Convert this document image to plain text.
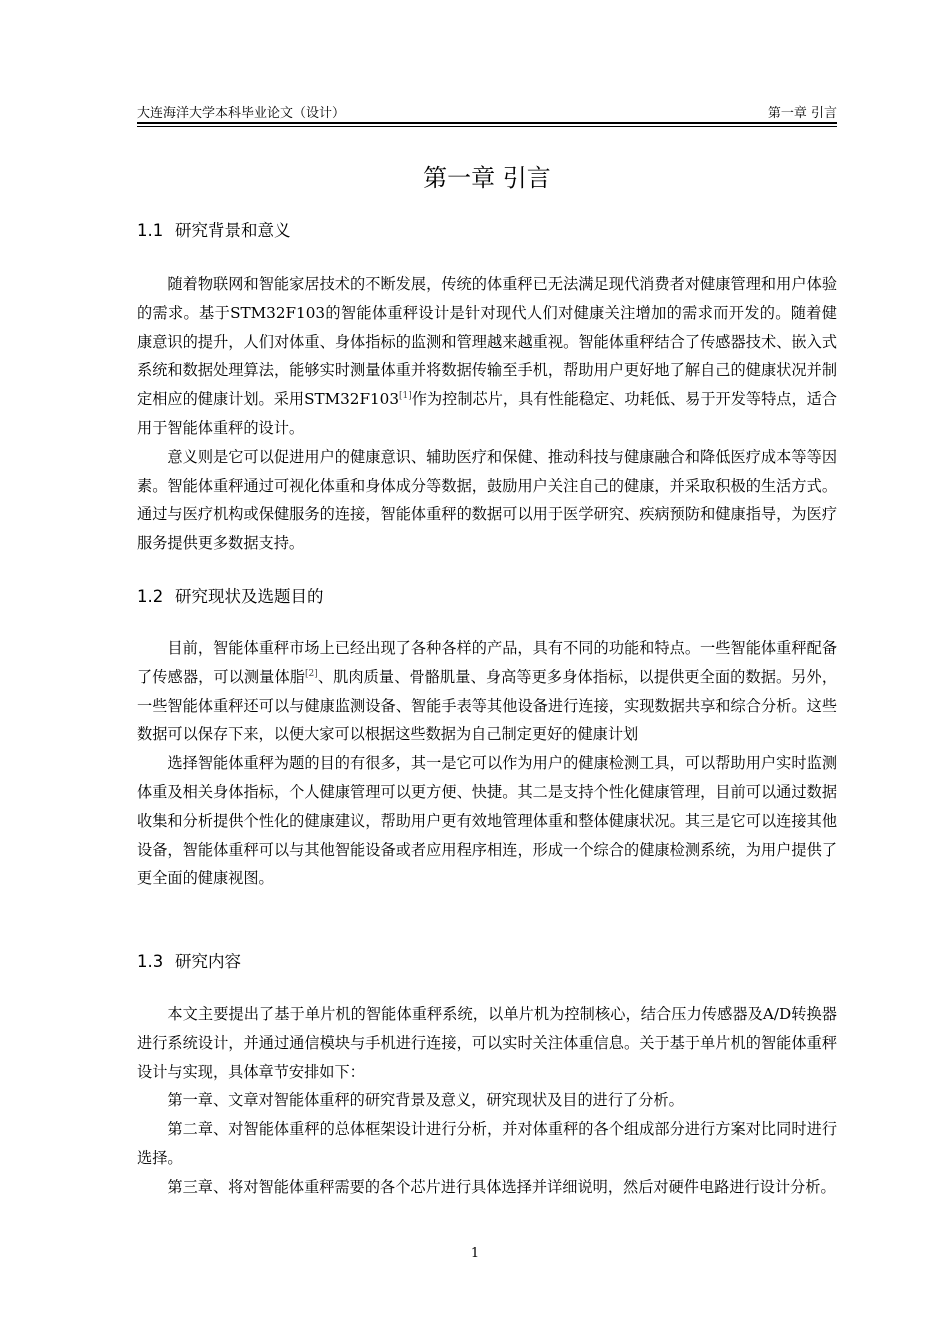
大连海洋大学本科毕业论文（设计）	第一章 引言
第一章 引言
1.1 研究背景和意义

随着物联网和智能家居技术的不断发展，传统的体重秤已无法满足现代消费者对健康管理和用户体验的需求。基于STM32F103的智能体重秤设计是针对现代人们对健康关注增加的需求而开发的。随着健康意识的提升，人们对体重、身体指标的监测和管理越来越重视。智能体重秤结合了传感器技术、嵌入式系统和数据处理算法，能够实时测量体重并将数据传输至手机，帮助用户更好地了解自己的健康状况并制定相应的健康计划。采用STM32F103[1]作为控制芯片，具有性能稳定、功耗低、易于开发等特点，适合用于智能体重秤的设计。

意义则是它可以促进用户的健康意识、辅助医疗和保健、推动科技与健康融合和降低医疗成本等等因素。智能体重秤通过可视化体重和身体成分等数据，鼓励用户关注自己的健康，并采取积极的生活方式。通过与医疗机构或保健服务的连接，智能体重秤的数据可以用于医学研究、疾病预防和健康指导，为医疗服务提供更多数据支持。

1.2 研究现状及选题目的

目前，智能体重秤市场上已经出现了各种各样的产品，具有不同的功能和特点。一些智能体重秤配备了传感器，可以测量体脂[2]、肌肉质量、骨骼肌量、身高等更多身体指标，以提供更全面的数据。另外，一些智能体重秤还可以与健康监测设备、智能手表等其他设备进行连接，实现数据共享和综合分析。这些数据可以保存下来，以便大家可以根据这些数据为自己制定更好的健康计划

选择智能体重秤为题的目的有很多，其一是它可以作为用户的健康检测工具，可以帮助用户实时监测体重及相关身体指标，个人健康管理可以更方便、快捷。其二是支持个性化健康管理，目前可以通过数据收集和分析提供个性化的健康建议，帮助用户更有效地管理体重和整体健康状况。其三是它可以连接其他设备，智能体重秤可以与其他智能设备或者应用程序相连，形成一个综合的健康检测系统，为用户提供了更全面的健康视图。

1.3 研究内容

本文主要提出了基于单片机的智能体重秤系统，以单片机为控制核心，结合压力传感器及A/D转换器进行系统设计，并通过通信模块与手机进行连接，可以实时关注体重信息。关于基于单片机的智能体重秤设计与实现，具体章节安排如下：

第一章、文章对智能体重秤的研究背景及意义，研究现状及目的进行了分析。

第二章、对智能体重秤的总体框架设计进行分析，并对体重秤的各个组成部分进行方案对比同时进行选择。

第三章、将对智能体重秤需要的各个芯片进行具体选择并详细说明，然后对硬件电路进行设计分析。

1
